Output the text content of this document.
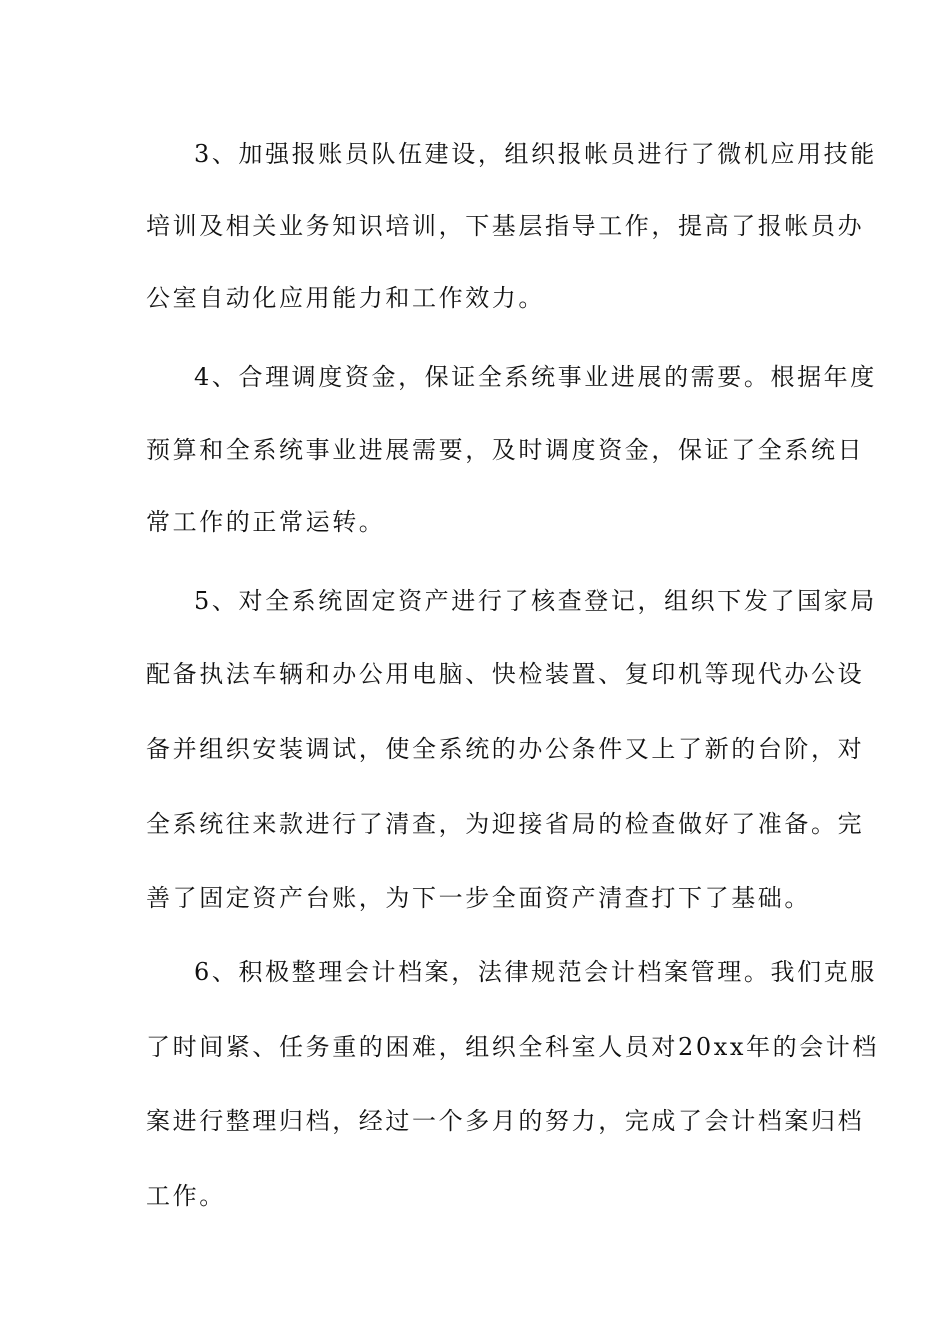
3、加强报账员队伍建设，组织报帐员进行了微机应用技能
培训及相关业务知识培训，下基层指导工作，提高了报帐员办
公室自动化应用能力和工作效力。
4、合理调度资金，保证全系统事业进展的需要。根据年度
预算和全系统事业进展需要，及时调度资金，保证了全系统日
常工作的正常运转。
5、对全系统固定资产进行了核查登记，组织下发了国家局
配备执法车辆和办公用电脑、快检装置、复印机等现代办公设
备并组织安装调试，使全系统的办公条件又上了新的台阶，对
全系统往来款进行了清查，为迎接省局的检查做好了准备。完
善了固定资产台账，为下一步全面资产清查打下了基础。
6、积极整理会计档案，法律规范会计档案管理。我们克服
了时间紧、任务重的困难，组织全科室人员对20xx年的会计档
案进行整理归档，经过一个多月的努力，完成了会计档案归档
工作。
